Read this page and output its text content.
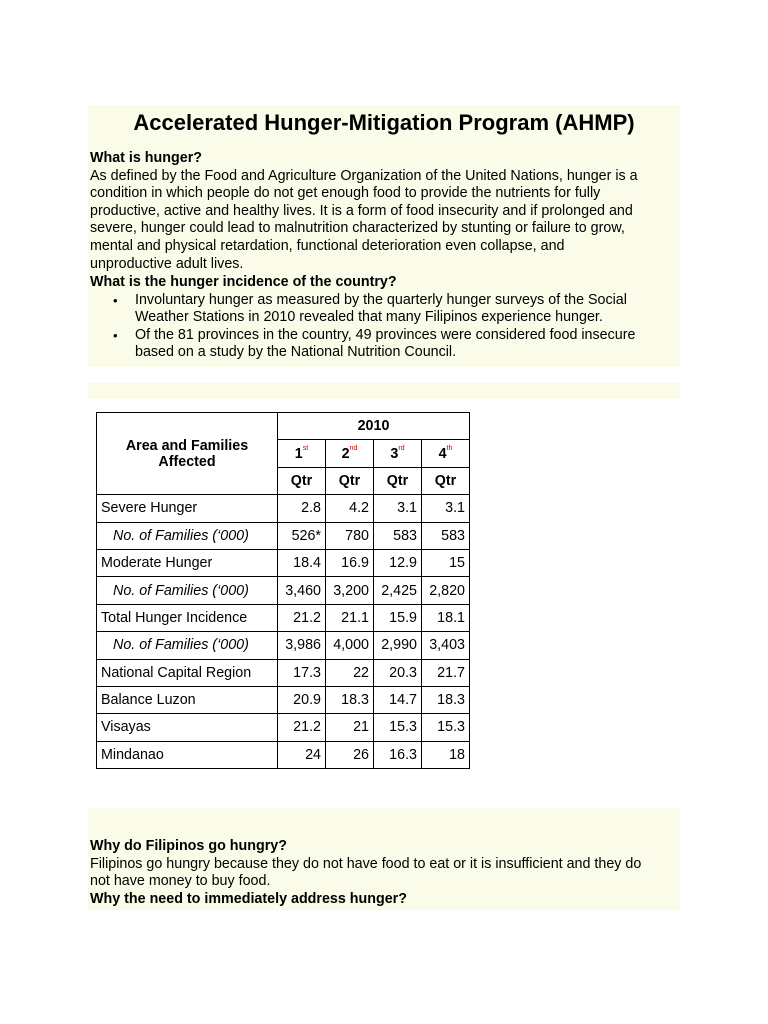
Accelerated Hunger-Mitigation Program (AHMP)
What is hunger?
As defined by the Food and Agriculture Organization of the United Nations, hunger is a
condition in which people do not get enough food to provide the nutrients for fully
productive, active and healthy lives. It is a form of food insecurity and if prolonged and
severe, hunger could lead to malnutrition characterized by stunting or failure to grow,
mental and physical retardation, functional deterioration even collapse, and
unproductive adult lives.
What is the hunger incidence of the country?
• Involuntary hunger as measured by the quarterly hunger surveys of the Social
Weather Stations in 2010 revealed that many Filipinos experience hunger.
• Of the 81 provinces in the country, 49 provinces were considered food insecure
based on a study by the National Nutrition Council.
Area and Families
Affected	2010			
	1st	2nd	3rd	4th
	Qtr	Qtr	Qtr	Qtr
Severe Hunger	2.8	4.2	3.1	3.1
No. of Families (‘000)	526*	780	583	583
Moderate Hunger	18.4	16.9	12.9	15
No. of Families (‘000)	3,460	3,200	2,425	2,820
Total Hunger Incidence	21.2	21.1	15.9	18.1
No. of Families (‘000)	3,986	4,000	2,990	3,403
National Capital Region	17.3	22	20.3	21.7
Balance Luzon	20.9	18.3	14.7	18.3
Visayas	21.2	21	15.3	15.3
Mindanao	24	26	16.3	18
Why do Filipinos go hungry?
Filipinos go hungry because they do not have food to eat or it is insufficient and they do
not have money to buy food.
Why the need to immediately address hunger?
